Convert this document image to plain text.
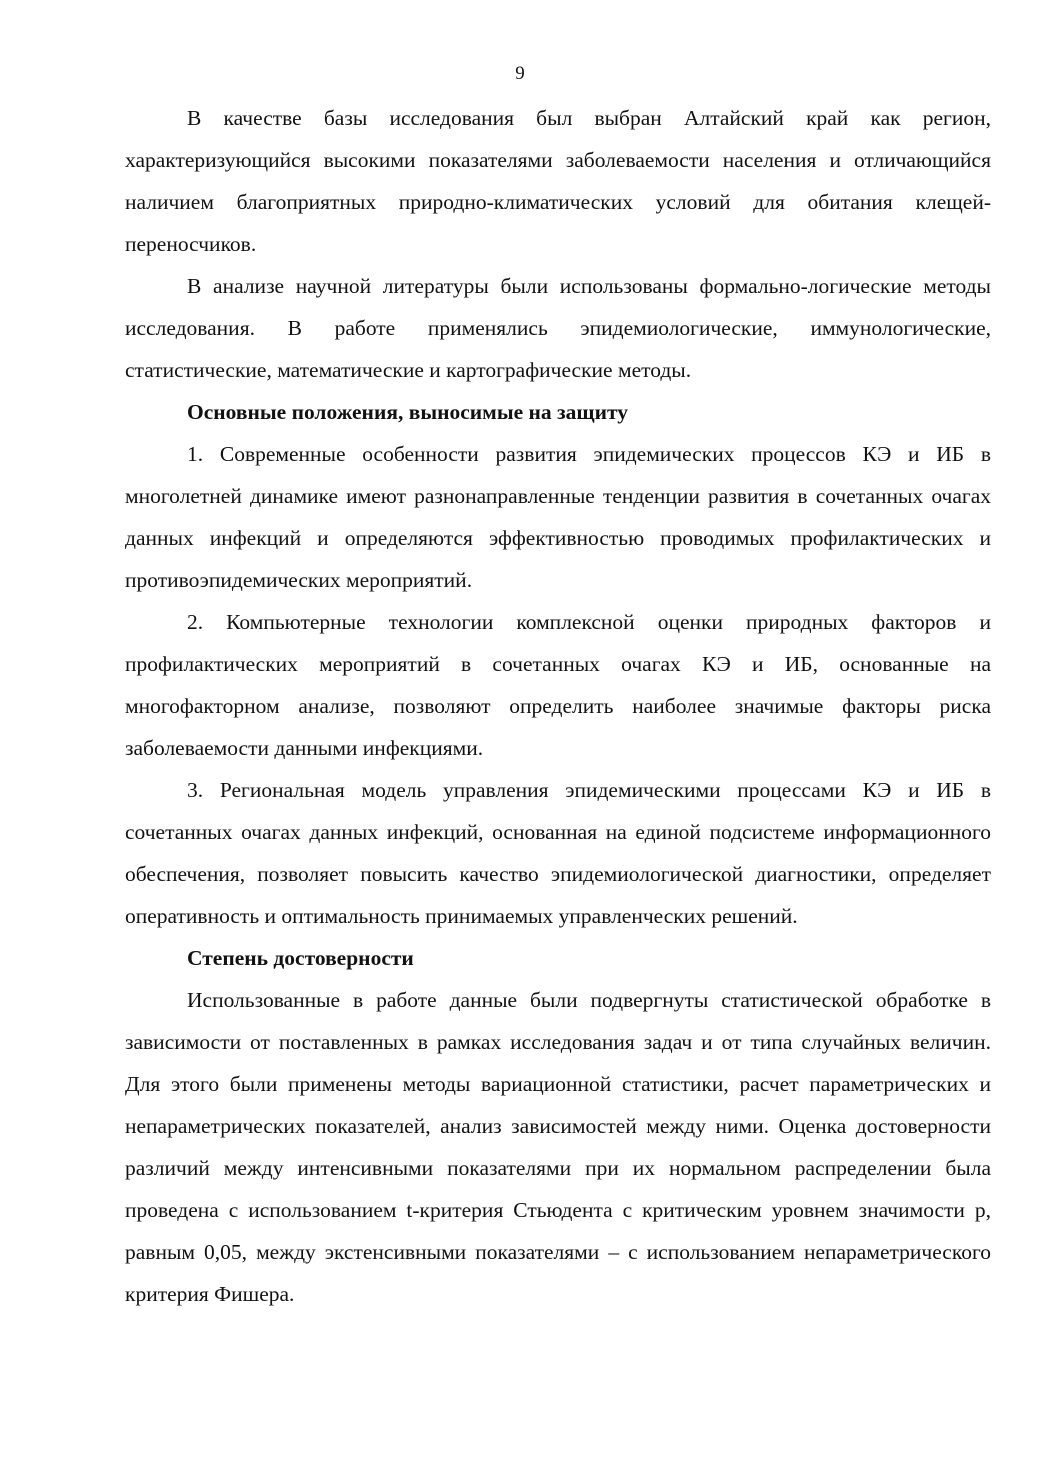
9

В качестве базы исследования был выбран Алтайский край как регион, характеризующийся высокими показателями заболеваемости населения и отличающийся наличием благоприятных природно-климатических условий для обитания клещей-переносчиков.

В анализе научной литературы были использованы формально-логические методы исследования. В работе применялись эпидемиологические, иммунологические, статистические, математические и картографические методы.

Основные положения, выносимые на защиту

1. Современные особенности развития эпидемических процессов КЭ и ИБ в многолетней динамике имеют разнонаправленные тенденции развития в сочетанных очагах данных инфекций и определяются эффективностью проводимых профилактических и противоэпидемических мероприятий.

2. Компьютерные технологии комплексной оценки природных факторов и профилактических мероприятий в сочетанных очагах КЭ и ИБ, основанные на многофакторном анализе, позволяют определить наиболее значимые факторы риска заболеваемости данными инфекциями.

3. Региональная модель управления эпидемическими процессами КЭ и ИБ в сочетанных очагах данных инфекций, основанная на единой подсистеме информационного обеспечения, позволяет повысить качество эпидемиологической диагностики, определяет оперативность и оптимальность принимаемых управленческих решений.

Степень достоверности

Использованные в работе данные были подвергнуты статистической обработке в зависимости от поставленных в рамках исследования задач и от типа случайных величин. Для этого были применены методы вариационной статистики, расчет параметрических и непараметрических показателей, анализ зависимостей между ними. Оценка достоверности различий между интенсивными показателями при их нормальном распределении была проведена с использованием t-критерия Стьюдента с критическим уровнем значимости р, равным 0,05, между экстенсивными показателями – с использованием непараметрического критерия Фишера.
